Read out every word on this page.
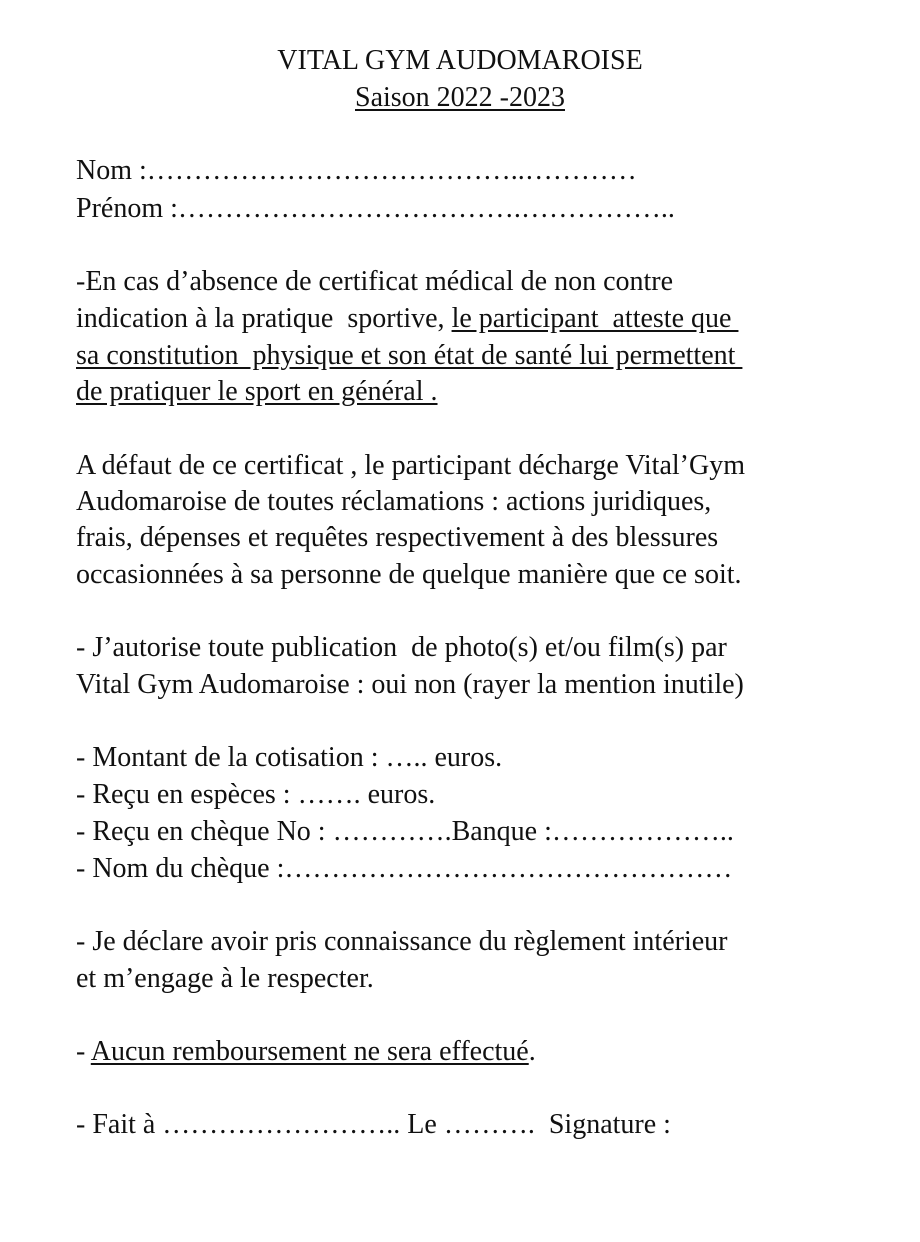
VITAL GYM AUDOMAROISE
Saison 2022 -2023
Nom :…………………………………..…………
Prénom :……………………………….……………..
-En cas d’absence de certificat médical de non contre
indication à la pratique  sportive, le participant  atteste que
sa constitution  physique et son état de santé lui permettent
de pratiquer le sport en général .
A défaut de ce certificat , le participant décharge Vital’Gym
Audomaroise de toutes réclamations : actions juridiques,
frais, dépenses et requêtes respectivement à des blessures
occasionnées à sa personne de quelque manière que ce soit.
- J’autorise toute publication  de photo(s) et/ou film(s) par
Vital Gym Audomaroise : oui non (rayer la mention inutile)
- Montant de la cotisation : ….. euros.
- Reçu en espèces : ……. euros.
- Reçu en chèque No : ………….Banque :………………..
- Nom du chèque :…………………………………………
- Je déclare avoir pris connaissance du règlement intérieur
et m’engage à le respecter.
- Aucun remboursement ne sera effectué.
- Fait à …………………….. Le ……….  Signature :
